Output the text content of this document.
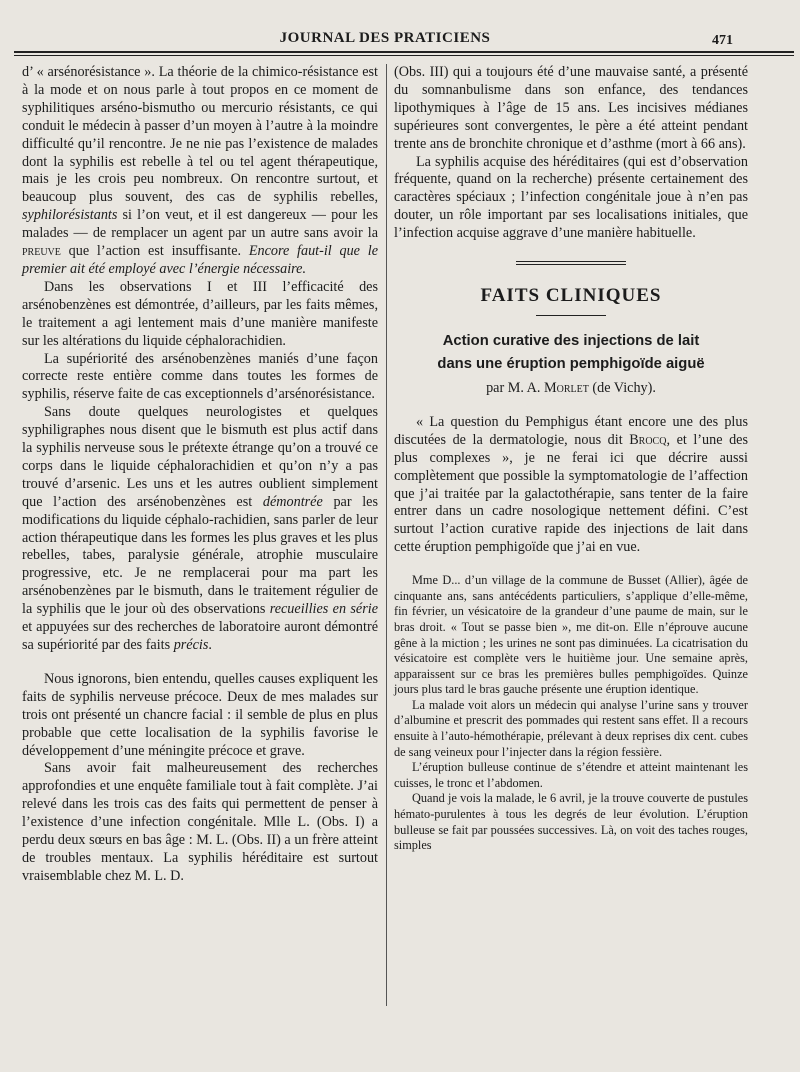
JOURNAL DES PRATICIENS	471

d’ « arsénorésistance ». La théorie de la chimico-résistance est à la mode et on nous parle à tout propos en ce moment de syphilitiques arséno-bismutho ou mercurio résistants, ce qui conduit le médecin à passer d’un moyen à l’autre à la moindre difficulté qu’il rencontre. Je ne nie pas l’existence de malades dont la syphilis est rebelle à tel ou tel agent thérapeutique, mais je les crois peu nombreux. On rencontre surtout, et beaucoup plus souvent, des cas de syphilis rebelles, syphilorésistants si l’on veut, et il est dangereux — pour les malades — de remplacer un agent par un autre sans avoir la preuve que l’action est insuffisante. Encore faut-il que le premier ait été employé avec l’énergie nécessaire.

Dans les observations I et III l’efficacité des arsénobenzènes est démontrée, d’ailleurs, par les faits mêmes, le traitement a agi lentement mais d’une manière manifeste sur les altérations du liquide céphalorachidien.

La supériorité des arsénobenzènes maniés d’une façon correcte reste entière comme dans toutes les formes de syphilis, réserve faite de cas exceptionnels d’arsénorésistance.

Sans doute quelques neurologistes et quelques syphiligraphes nous disent que le bismuth est plus actif dans la syphilis nerveuse sous le prétexte étrange qu’on a trouvé ce corps dans le liquide céphalorachidien et qu’on n’y a pas trouvé d’arsenic. Les uns et les autres oublient simplement que l’action des arsénobenzènes est démontrée par les modifications du liquide céphalo-rachidien, sans parler de leur action thérapeutique dans les formes les plus graves et les plus rebelles, tabes, paralysie générale, atrophie musculaire progressive, etc. Je ne remplacerai pour ma part les arsénobenzènes par le bismuth, dans le traitement régulier de la syphilis que le jour où des observations recueillies en série et appuyées sur des recherches de laboratoire auront démontré sa supériorité par des faits précis.

Nous ignorons, bien entendu, quelles causes expliquent les faits de syphilis nerveuse précoce. Deux de mes malades sur trois ont présenté un chancre facial : il semble de plus en plus probable que cette localisation de la syphilis favorise le développement d’une méningite précoce et grave.

Sans avoir fait malheureusement des recherches approfondies et une enquête familiale tout à fait complète. J’ai relevé dans les trois cas des faits qui permettent de penser à l’existence d’une infection congénitale. Mlle L. (Obs. I) a perdu deux sœurs en bas âge : M. L. (Obs. II) a un frère atteint de troubles mentaux. La syphilis héréditaire est surtout vraisemblable chez M. L. D.

(Obs. III) qui a toujours été d’une mauvaise santé, a présenté du somnanbulisme dans son enfance, des tendances lipothymiques à l’âge de 15 ans. Les incisives médianes supérieures sont convergentes, le père a été atteint pendant trente ans de bronchite chronique et d’asthme (mort à 66 ans).

La syphilis acquise des héréditaires (qui est d’observation fréquente, quand on la recherche) présente certainement des caractères spéciaux ; l’infection congénitale joue à n’en pas douter, un rôle important par ses localisations initiales, que l’infection acquise aggrave d’une manière habituelle.

FAITS CLINIQUES
Action curative des injections de lait
dans une éruption pemphigoïde aiguë
par M. A. Morlet (de Vichy).

« La question du Pemphigus étant encore une des plus discutées de la dermatologie, nous dit Brocq, et l’une des plus complexes », je ne ferai ici que décrire aussi complètement que possible la symptomatologie de l’affection que j’ai traitée par la galactothérapie, sans tenter de la faire entrer dans un cadre nosologique nettement défini. C’est surtout l’action curative rapide des injections de lait dans cette éruption pemphigoïde que j’ai en vue.

Mme D... d’un village de la commune de Busset (Allier), âgée de cinquante ans, sans antécédents particuliers, s’applique d’elle-même, fin février, un vésicatoire de la grandeur d’une paume de main, sur le bras droit. « Tout se passe bien », me dit-on. Elle n’éprouve aucune gêne à la miction ; les urines ne sont pas diminuées. La cicatrisation du vésicatoire est complète vers le huitième jour. Une semaine après, apparaissent sur ce bras les premières bulles pemphigoïdes. Quinze jours plus tard le bras gauche présente une éruption identique.

La malade voit alors un médecin qui analyse l’urine sans y trouver d’albumine et prescrit des pommades qui restent sans effet. Il a recours ensuite à l’auto-hémothérapie, prélevant à deux reprises dix cent. cubes de sang veineux pour l’injecter dans la région fessière.

L’éruption bulleuse continue de s’étendre et atteint maintenant les cuisses, le tronc et l’abdomen.

Quand je vois la malade, le 6 avril, je la trouve couverte de pustules hémato-purulentes à tous les degrés de leur évolution. L’éruption bulleuse se fait par poussées successives. Là, on voit des taches rouges, simples
